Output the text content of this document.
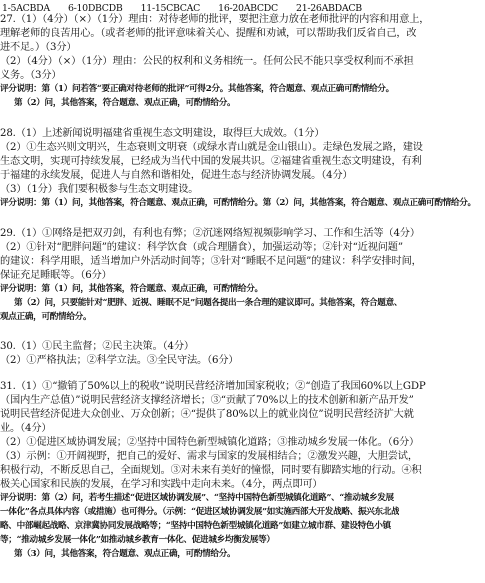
1-5ACBDA　　6-10DBCDB　　11-15CBCAC　　16-20ABCDC　　21-26ABDACB
27.（1）（4分）（×）（1分）理由：对待老师的批评，要把注意力放在老师批评的内容和用意上，
理解老师的良苦用心。（或者老师的批评意味着关心、提醒和劝诫，可以帮助我们反省自己，改
进不足。）（3分）
（2）（4分）（×）（1分）理由：公民的权利和义务相统一。任何公民不能只享受权利而不承担
义务。（3分）
评分说明：第（1）问若答“要正确对待老师的批评”可得2分。其他答案，符合题意、观点正确可酌情给分。
第（2）问，其他答案，符合题意、观点正确，可酌情给分。
28.（1）上述新闻说明福建省重视生态文明建设，取得巨大成效。（1分）
（2）①生态兴则文明兴，生态衰则文明衰（或绿水青山就是金山银山）。走绿色发展之路，建设
生态文明，实现可持续发展，已经成为当代中国的发展共识。②福建省重视生态文明建设，有利
于福建的永续发展，促进人与自然和谐相处，促进生态与经济协调发展。（4分）
（3）（1分）我们要积极参与生态文明建设。
评分说明：第（1）问，其他答案，符合题意、观点正确，可酌情给分。第（2）问，其他答案，符合题意、观点正确可酌情给分。
29.（1）①网络是把双刃剑，有利也有弊；②沉迷网络短视频影响学习、工作和生活等（4分）
（2）①针对“肥胖问题”的建议：科学饮食（或合理膳食），加强运动等；②针对“近视问题”
的建议：科学用眼，适当增加户外活动时间等；③针对“睡眠不足问题”的建议：科学安排时间，
保证充足睡眠等。（6分）
评分说明：第（1）问，其他答案，符合题意、观点正确，可酌情给分。
第（2）问，只要能针对“肥胖、近视、睡眠不足”问题各提出一条合理的建议即可。其他答案，符合题意、
观点正确，可酌情给分。
30.（1）①民主监督；②民主决策。（4分）
（2）①严格执法；②科学立法。③全民守法。（6分）
31.（1）①“撤销了50%以上的税收”说明民营经济增加国家税收；②“创造了我国60%以上GDP
（国内生产总值）”说明民营经济支撑经济增长；③“贡献了70%以上的技术创新和新产品开发”
说明民营经济促进大众创业、万众创新；④“提供了80%以上的就业岗位”说明民营经济扩大就
业。（4分）
（2）①促进区域协调发展；②坚持中国特色新型城镇化道路；③推动城乡发展一体化。（6分）
（3）示例：①开阔视野，把自己的爱好、需求与国家的发展相结合；②激发兴趣，大胆尝试，
积极行动，不断反思自己，全面规划。③对未来有美好的憧憬，同时要有脚踏实地的行动。④积
极关心国家和民族的发展，在学习和实践中走向未来。（4分，两点即可）
评分说明：第（2）问，若考生描述“促进区域协调发展”、“坚持中国特色新型城镇化道路”、“推动城乡发展
一体化”各点具体内容（或措施）也可得分。（示例：“促进区域协调发展”如实施西部大开发战略、振兴东北战
略、中部崛起战略、京津冀协同发展战略等；“坚持中国特色新型城镇化道路”如建立城市群、建设特色小镇
等；“推动城乡发展一体化”如推动城乡教育一体化、促进城乡均衡发展等）
第（3）问，其他答案，符合题意、观点正确，可酌情给分。
